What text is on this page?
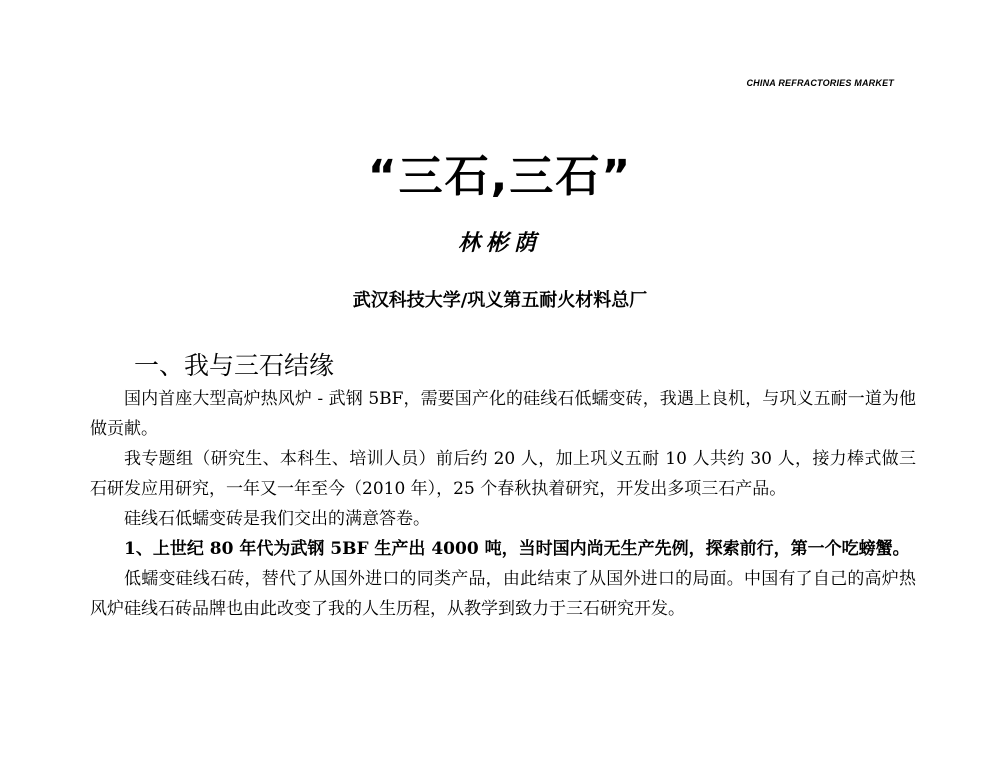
CHINA REFRACTORIES MARKET
“三石,三石”
林彬荫
武汉科技大学/巩义第五耐火材料总厂
一、我与三石结缘

国内首座大型高炉热风炉 - 武钢 5BF，需要国产化的硅线石低蠕变砖，我遇上良机，与巩义五耐一道为他做贡献。

我专题组（研究生、本科生、培训人员）前后约 20 人，加上巩义五耐 10 人共约 30 人，接力棒式做三石研发应用研究，一年又一年至今（2010 年），25 个春秋执着研究，开发出多项三石产品。

硅线石低蠕变砖是我们交出的满意答卷。

1、上世纪 80 年代为武钢 5BF 生产出 4000 吨，当时国内尚无生产先例，探索前行，第一个吃螃蟹。

低蠕变硅线石砖，替代了从国外进口的同类产品，由此结束了从国外进口的局面。中国有了自己的高炉热风炉硅线石砖品牌也由此改变了我的人生历程，从教学到致力于三石研究开发。
